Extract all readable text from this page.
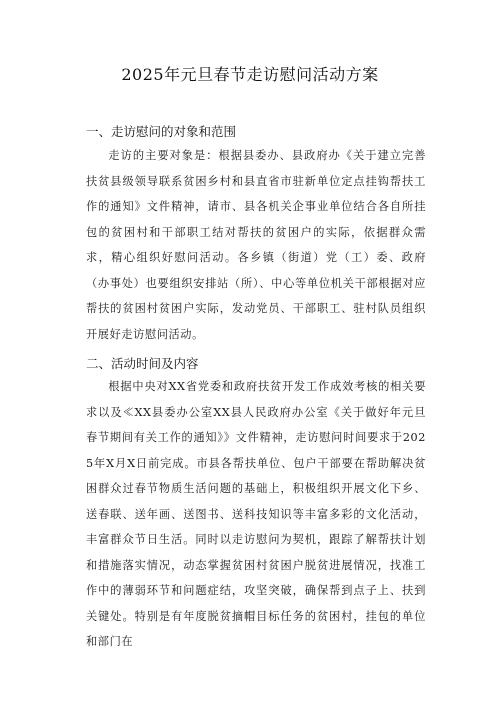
2025年元旦春节走访慰问活动方案
一、走访慰问的对象和范围
走访的主要对象是：根据县委办、县政府办《关于建立完善扶贫县级领导联系贫困乡村和县直省市驻新单位定点挂钩帮扶工作的通知》文件精神，请市、县各机关企事业单位结合各自所挂包的贫困村和干部职工结对帮扶的贫困户的实际，依据群众需求，精心组织好慰问活动。各乡镇（街道）党（工）委、政府（办事处）也要组织安排站（所）、中心等单位机关干部根据对应帮扶的贫困村贫困户实际，发动党员、干部职工、驻村队员组织开展好走访慰问活动。
二、活动时间及内容
根据中央对XX省党委和政府扶贫开发工作成效考核的相关要求以及≪XX县委办公室XX县人民政府办公室《关于做好年元旦春节期间有关工作的通知》》文件精神，走访慰问时间要求于2025年X月X日前完成。市县各帮扶单位、包户干部要在帮助解决贫困群众过春节物质生活问题的基础上，积极组织开展文化下乡、送春联、送年画、送图书、送科技知识等丰富多彩的文化活动，丰富群众节日生活。同时以走访慰问为契机，跟踪了解帮扶计划和措施落实情况，动态掌握贫困村贫困户脱贫进展情况，找准工作中的薄弱环节和问题症结，攻坚突破，确保帮到点子上、扶到关键处。特别是有年度脱贫摘帽目标任务的贫困村，挂包的单位和部门在
